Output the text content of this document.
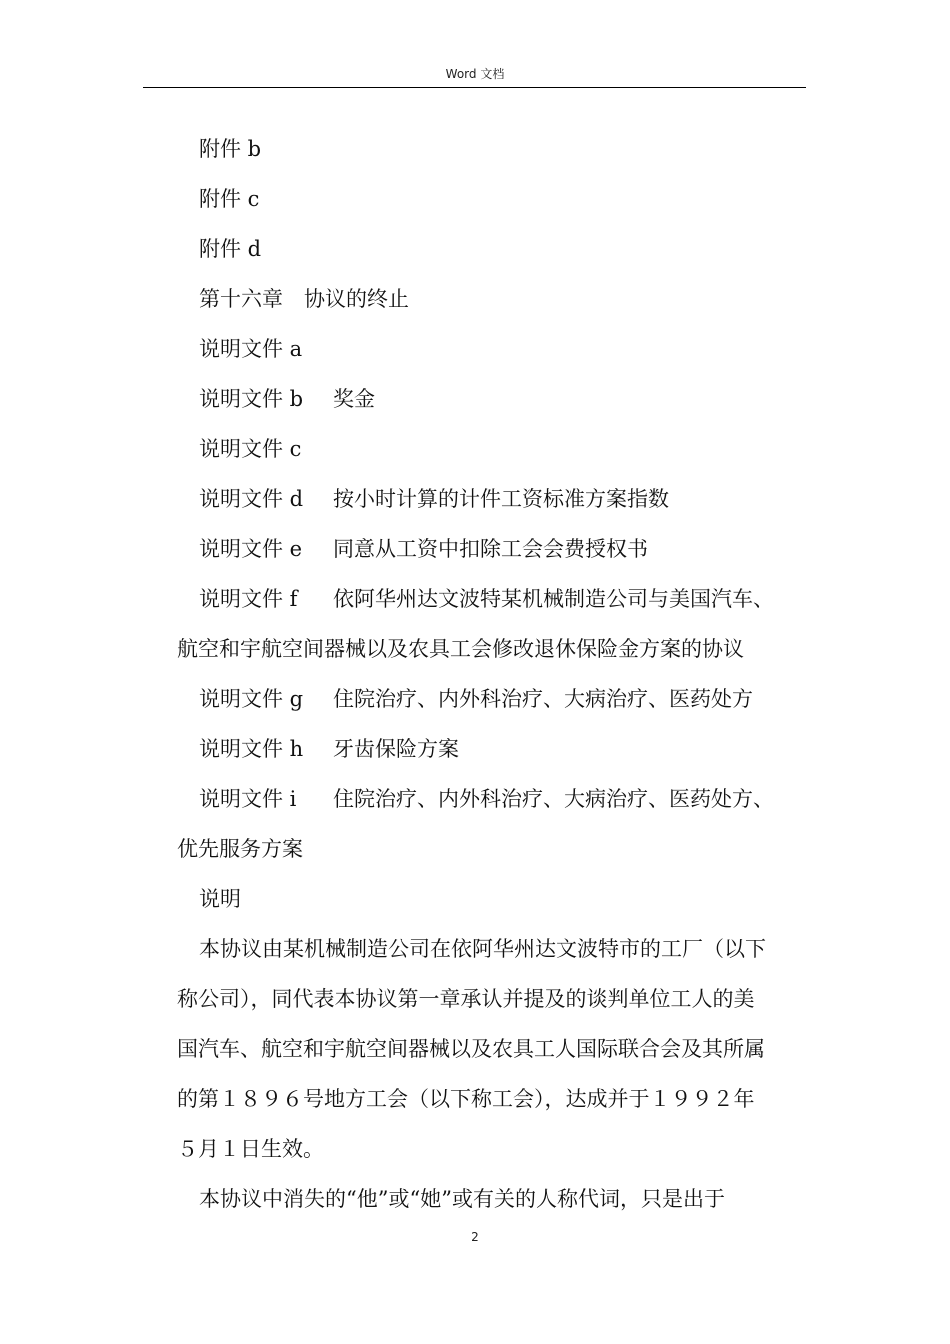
Word 文档

附件 b

附件 c

附件 d

第十六章　协议的终止

说明文件 a

说明文件 b 奖金

说明文件 c

说明文件 d 按小时计算的计件工资标准方案指数

说明文件 e 同意从工资中扣除工会会费授权书

说明文件 f 依阿华州达文波特某机械制造公司与美国汽车、

航空和宇航空间器械以及农具工会修改退休保险金方案的协议

说明文件 g 住院治疗、内外科治疗、大病治疗、医药处方

说明文件 h 牙齿保险方案

说明文件 i 住院治疗、内外科治疗、大病治疗、医药处方、

优先服务方案

说明

本协议由某机械制造公司在依阿华州达文波特市的工厂（以下

称公司），同代表本协议第一章承认并提及的谈判单位工人的美

国汽车、航空和宇航空间器械以及农具工人国际联合会及其所属

的第１８９６号地方工会（以下称工会），达成并于１９９２年

５月１日生效。

本协议中消失的“他”或“她”或有关的人称代词，只是出于

2
